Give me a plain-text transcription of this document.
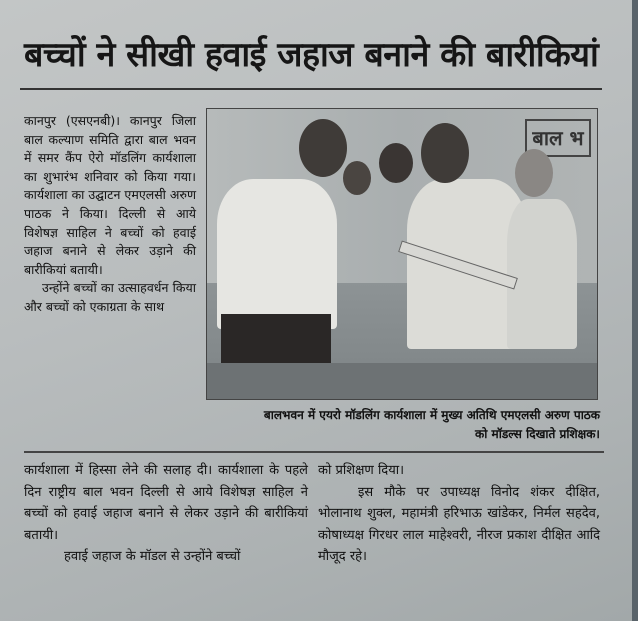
बच्चों ने सीखी हवाई जहाज बनाने की बारीकियां

कानपुर (एसएनबी)। कानपुर जिला बाल कल्याण समिति द्वारा बाल भवन में समर कैंप ऐरो मॉडलिंग कार्यशाला का शुभारंभ शनिवार को किया गया। कार्यशाला का उद्घाटन एमएलसी अरुण पाठक ने किया। दिल्ली से आये विशेषज्ञ साहिल ने बच्चों को हवाई जहाज बनाने से लेकर उड़ाने की बारीकियां बतायी।

उन्होंने बच्चों का उत्साहवर्धन किया और बच्चों को एकाग्रता के साथ

बाल भ
बालभवन में एयरो मॉडलिंग कार्यशाला में मुख्य अतिथि एमएलसी अरुण पाठक को मॉडल्स दिखाते प्रशिक्षक।

कार्यशाला में हिस्सा लेने की सलाह दी। कार्यशाला के पहले दिन राष्ट्रीय बाल भवन दिल्ली से आये विशेषज्ञ साहिल ने बच्चों को हवाई जहाज बनाने से लेकर उड़ाने की बारीकियां बतायी।

हवाई जहाज के मॉडल से उन्होंने बच्चों

को प्रशिक्षण दिया।

इस मौके पर उपाध्यक्ष विनोद शंकर दीक्षित, भोलानाथ शुक्ल, महामंत्री हरिभाऊ खांडेकर, निर्मल सहदेव, कोषाध्यक्ष गिरधर लाल माहेश्वरी, नीरज प्रकाश दीक्षित आदि मौजूद रहे।
